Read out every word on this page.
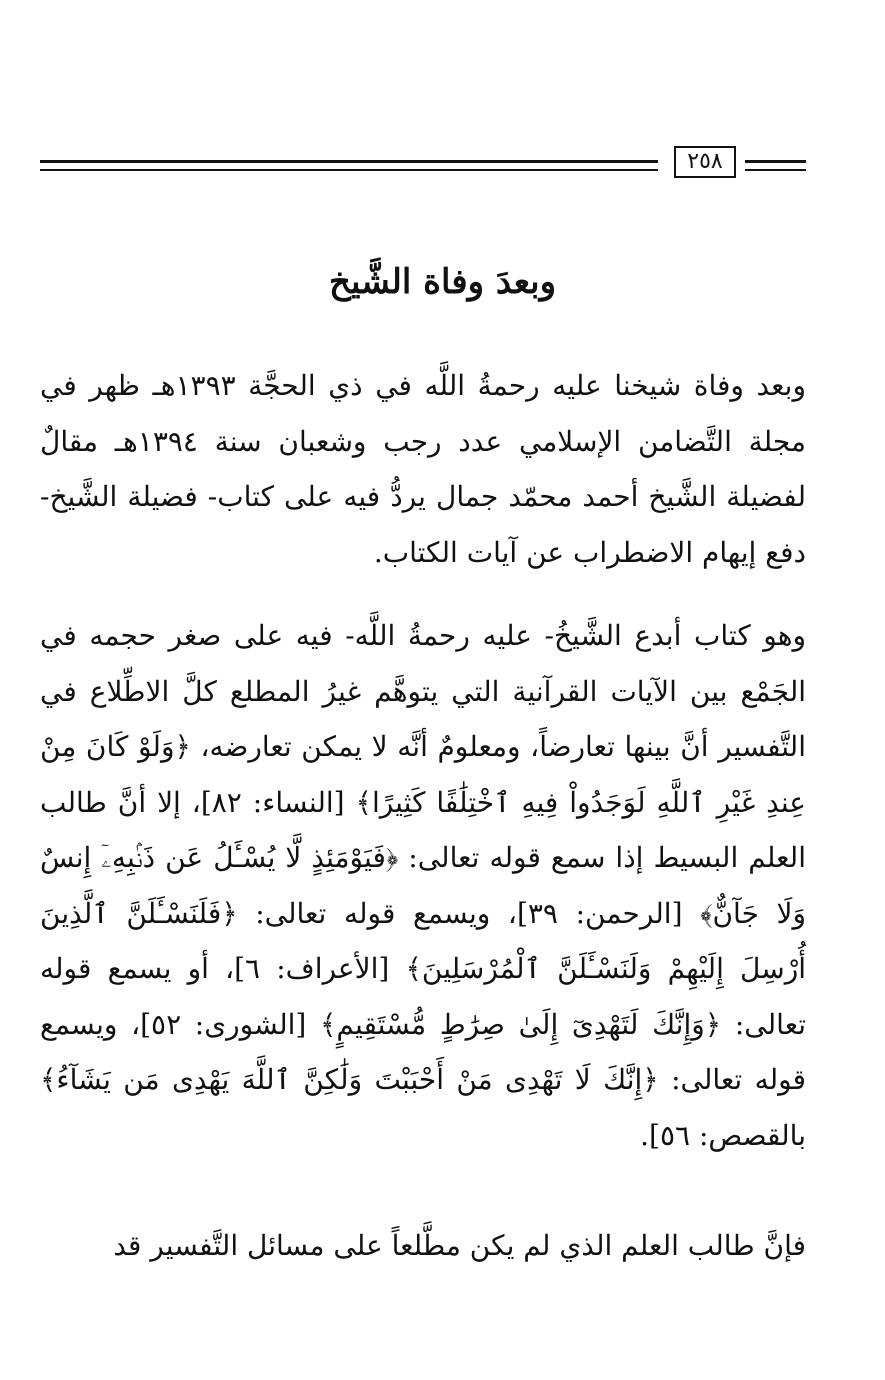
٢٥٨
وبعدَ وفاة الشَّيخ
وبعد وفاة شيخنا عليه رحمةُ اللَّه في ذي الحجَّة ١٣٩٣هـ ظهر في مجلة التَّضامن الإسلامي عدد رجب وشعبان سنة ١٣٩٤هـ مقالٌ لفضيلة الشَّيخ أحمد محمّد جمال يردُّ فيه على كتاب- فضيلة الشَّيخ- دفع إيهام الاضطراب عن آيات الكتاب.
وهو كتاب أبدع الشَّيخُ- عليه رحمةُ اللَّه- فيه على صغر حجمه في الجَمْع بين الآيات القرآنية التي يتوهَّم غيرُ المطلع كلَّ الاطِّلاع في التَّفسير أنَّ بينها تعارضاً، ومعلومٌ أنَّه لا يمكن تعارضه، ﴿وَلَوْ كَانَ مِنْ عِندِ غَيْرِ ٱللَّهِ لَوَجَدُواْ فِيهِ ٱخْتِلَٰفًا كَثِيرًا﴾ [النساء: ٨٢]، إلا أنَّ طالب العلم البسيط إذا سمع قوله تعالى: ﴿فَيَوْمَئِذٍ لَّا يُسْـَٔلُ عَن ذَنۢبِهِۦٓ إِنسٌ وَلَا جَآنٌّ﴾ [الرحمن: ٣٩]، ويسمع قوله تعالى: ﴿فَلَنَسْـَٔلَنَّ ٱلَّذِينَ أُرْسِلَ إِلَيْهِمْ وَلَنَسْـَٔلَنَّ ٱلْمُرْسَلِينَ﴾ [الأعراف: ٦]، أو يسمع قوله تعالى: ﴿وَإِنَّكَ لَتَهْدِىٓ إِلَىٰ صِرَٰطٍ مُّسْتَقِيمٍ﴾ [الشورى: ٥٢]، ويسمع قوله تعالى: ﴿إِنَّكَ لَا تَهْدِى مَنْ أَحْبَبْتَ وَلَٰكِنَّ ٱللَّهَ يَهْدِى مَن يَشَآءُ﴾ بالقصص: ٥٦].
فإنَّ طالب العلم الذي لم يكن مطَّلعاً على مسائل التَّفسير قد
